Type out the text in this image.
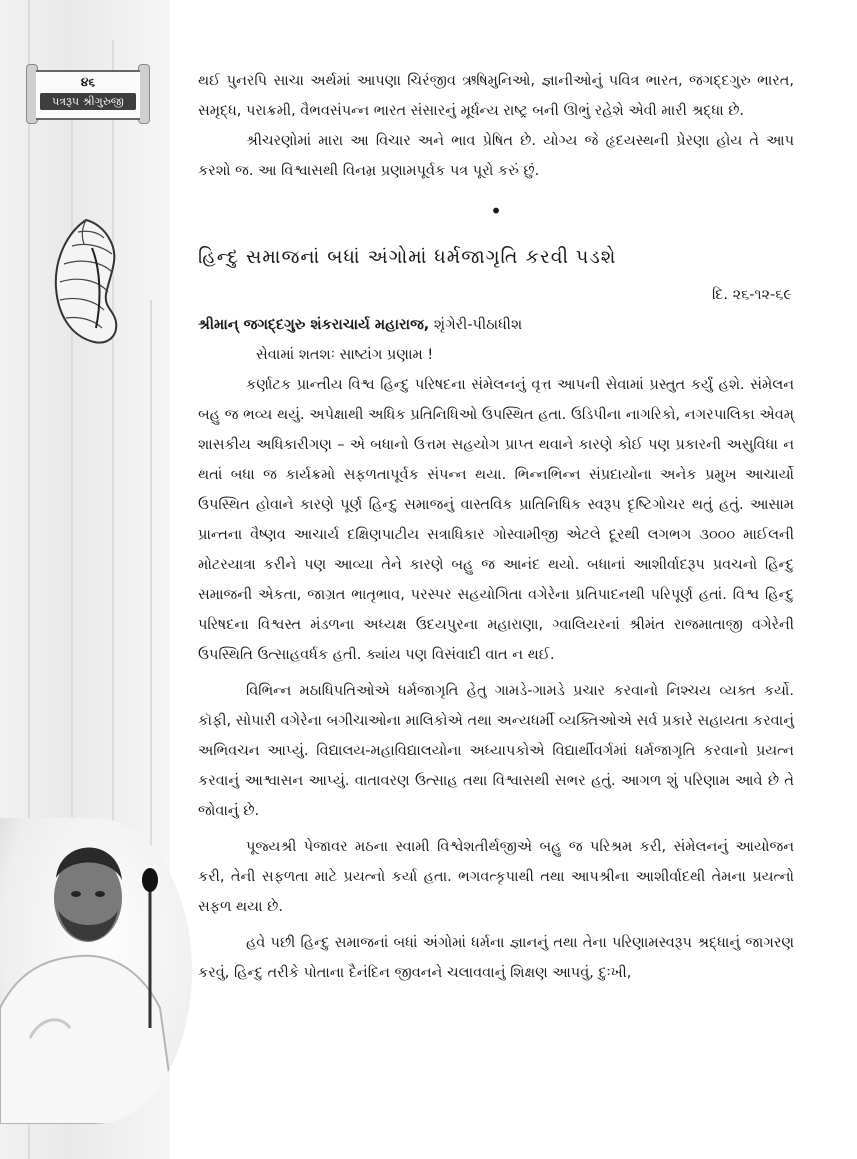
૪૬
પત્રરૂપ શ્રીગુરુજી

થઈ પુનરપિ સાચા અર્થમાં આપણા ચિરંજીવ ઋષિમુનિઓ, જ્ઞાનીઓનું પવિત્ર ભારત, જગદ્દગુરુ ભારત, સમૃદ્ધ, પરાક્રમી, વૈભવસંપન્ન ભારત સંસારનું મૂર્ધન્ય રાષ્ટ્ર બની ઊભું રહેશે એવી મારી શ્રદ્ધા છે.

શ્રીચરણોમાં મારા આ વિચાર અને ભાવ પ્રેષિત છે. યોગ્ય જે હૃદયસ્થની પ્રેરણા હોય તે આપ કરશો જ. આ વિશ્વાસથી વિનમ્ર પ્રણામપૂર્વક પત્ર પૂરો કરું છું.

•
હિન્દુ સમાજનાં બધાં અંગોમાં ધર્મજાગૃતિ કરવી પડશે
દિ. ૨૬-૧૨-૬૯

શ્રીમાન્ જગદ્દગુરુ શંકરાચાર્ય મહારાજ, શૃંગેરી-પીઠાધીશ

સેવામાં શતશઃ સાષ્ટાંગ પ્રણામ !

કર્ણાટક પ્રાન્તીય વિશ્વ હિન્દુ પરિષદના સંમેલનનું વૃત્ત આપની સેવામાં પ્રસ્તુત કર્યું હશે. સંમેલન બહુ જ ભવ્ય થયું. અપેક્ષાથી અધિક પ્રતિનિધિઓ ઉપસ્થિત હતા. ઉડિપીના નાગરિકો, નગરપાલિકા એવમ્ શાસકીય અધિકારીગણ – એ બધાનો ઉત્તમ સહયોગ પ્રાપ્ત થવાને કારણે કોઈ પણ પ્રકારની અસુવિધા ન થતાં બધા જ કાર્યક્રમો સફળતાપૂર્વક સંપન્ન થયા. ભિન્નભિન્ન સંપ્રદાયોના અનેક પ્રમુખ આચાર્યો ઉપસ્થિત હોવાને કારણે પૂર્ણ હિન્દુ સમાજનું વાસ્તવિક પ્રાતિનિધિક સ્વરૂપ દૃષ્ટિગોચર થતું હતું. આસામ પ્રાન્તના વૈષ્ણવ આચાર્ય દક્ષિણપાટીય સત્રાધિકાર ગોસ્વામીજી એટલે દૂરથી લગભગ ૩૦૦૦ માઈલની મોટરયાત્રા કરીને પણ આવ્યા તેને કારણે બહુ જ આનંદ થયો. બધાનાં આશીર્વાદરૂપ પ્રવચનો હિન્દુ સમાજની એકતા, જાગ્રત ભાતૃભાવ, પરસ્પર સહયોગિતા વગેરેના પ્રતિપાદનથી પરિપૂર્ણ હતાં. વિશ્વ હિન્દુ પરિષદના વિશ્વસ્ત મંડળના અધ્યક્ષ ઉદયપુરના મહારાણા, ગ્વાલિયરનાં શ્રીમંત રાજમાતાજી વગેરેની ઉપસ્થિતિ ઉત્સાહવર્ધક હતી. ક્યાંય પણ વિસંવાદી વાત ન થઈ.

વિભિન્ન મઠાધિપતિઓએ ધર્મજાગૃતિ હેતુ ગામડે-ગામડે પ્રચાર કરવાનો નિશ્ચય વ્યક્ત કર્યો. કૉફી, સોપારી વગેરેના બગીચાઓના માલિકોએ તથા અન્યધર્મી વ્યક્તિઓએ સર્વ પ્રકારે સહાયતા કરવાનું અભિવચન આપ્યું. વિદ્યાલય-મહાવિદ્યાલયોના અધ્યાપકોએ વિદ્યાર્થીવર્ગમાં ધર્મજાગૃતિ કરવાનો પ્રયત્ન કરવાનું આશ્વાસન આપ્યું. વાતાવરણ ઉત્સાહ તથા વિશ્વાસથી સભર હતું. આગળ શું પરિણામ આવે છે તે જોવાનું છે.

પૂજ્યશ્રી પેજાવર મઠના સ્વામી વિશ્વેશતીર્થજીએ બહુ જ પરિશ્રમ કરી, સંમેલનનું આયોજન કરી, તેની સફળતા માટે પ્રયત્નો કર્યા હતા. ભગવત્કૃપાથી તથા આપશ્રીના આશીર્વાદથી તેમના પ્રયત્નો સફળ થયા છે.

હવે પછી હિન્દુ સમાજનાં બધાં અંગોમાં ધર્મના જ્ઞાનનું તથા તેના પરિણામસ્વરૂપ શ્રદ્ધાનું જાગરણ કરવું, હિન્દુ તરીકે પોતાના દૈનંદિન જીવનને ચલાવવાનું શિક્ષણ આપવું, દુઃખી,
